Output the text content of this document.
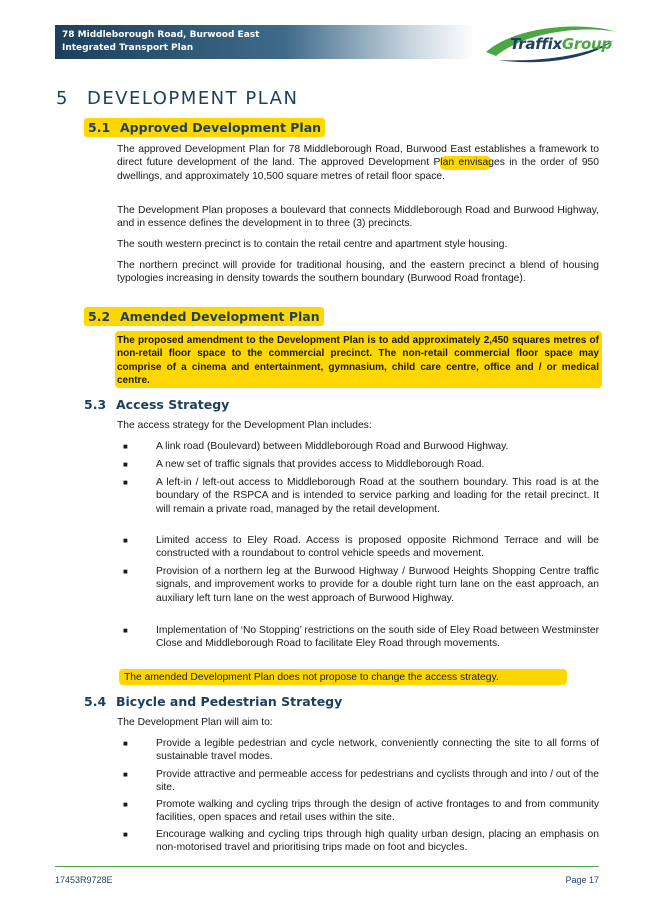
78 Middleborough Road, Burwood East
Integrated Transport Plan	TraffixGroup
5 DEVELOPMENT PLAN
5.1 Approved Development Plan
The approved Development Plan for 78 Middleborough Road, Burwood East establishes a framework to direct future development of the land. The approved Development Plan envisages in the order of 950 dwellings, and approximately 10,500 square metres of retail floor space.
The Development Plan proposes a boulevard that connects Middleborough Road and Burwood Highway, and in essence defines the development in to three (3) precincts.
The south western precinct is to contain the retail centre and apartment style housing.
The northern precinct will provide for traditional housing, and the eastern precinct a blend of housing typologies increasing in density towards the southern boundary (Burwood Road frontage).
5.2 Amended Development Plan
The proposed amendment to the Development Plan is to add approximately 2,450 squares metres of non-retail floor space to the commercial precinct. The non-retail commercial floor space may comprise of a cinema and entertainment, gymnasium, child care centre, office and / or medical centre.
5.3 Access Strategy
The access strategy for the Development Plan includes:
■	A link road (Boulevard) between Middleborough Road and Burwood Highway.
■	A new set of traffic signals that provides access to Middleborough Road.
■	A left-in / left-out access to Middleborough Road at the southern boundary. This road is at the boundary of the RSPCA and is intended to service parking and loading for the retail precinct. It will remain a private road, managed by the retail development.
■	Limited access to Eley Road. Access is proposed opposite Richmond Terrace and will be constructed with a roundabout to control vehicle speeds and movement.
■	Provision of a northern leg at the Burwood Highway / Burwood Heights Shopping Centre traffic signals, and improvement works to provide for a double right turn lane on the east approach, an auxiliary left turn lane on the west approach of Burwood Highway.
■	Implementation of ‘No Stopping’ restrictions on the south side of Eley Road between Westminster Close and Middleborough Road to facilitate Eley Road through movements.
The amended Development Plan does not propose to change the access strategy.
5.4 Bicycle and Pedestrian Strategy
The Development Plan will aim to:
■	Provide a legible pedestrian and cycle network, conveniently connecting the site to all forms of sustainable travel modes.
■	Provide attractive and permeable access for pedestrians and cyclists through and into / out of the site.
■	Promote walking and cycling trips through the design of active frontages to and from community facilities, open spaces and retail uses within the site.
■	Encourage walking and cycling trips through high quality urban design, placing an emphasis on non-motorised travel and prioritising trips made on foot and bicycles.
17453R9728E	Page 17
